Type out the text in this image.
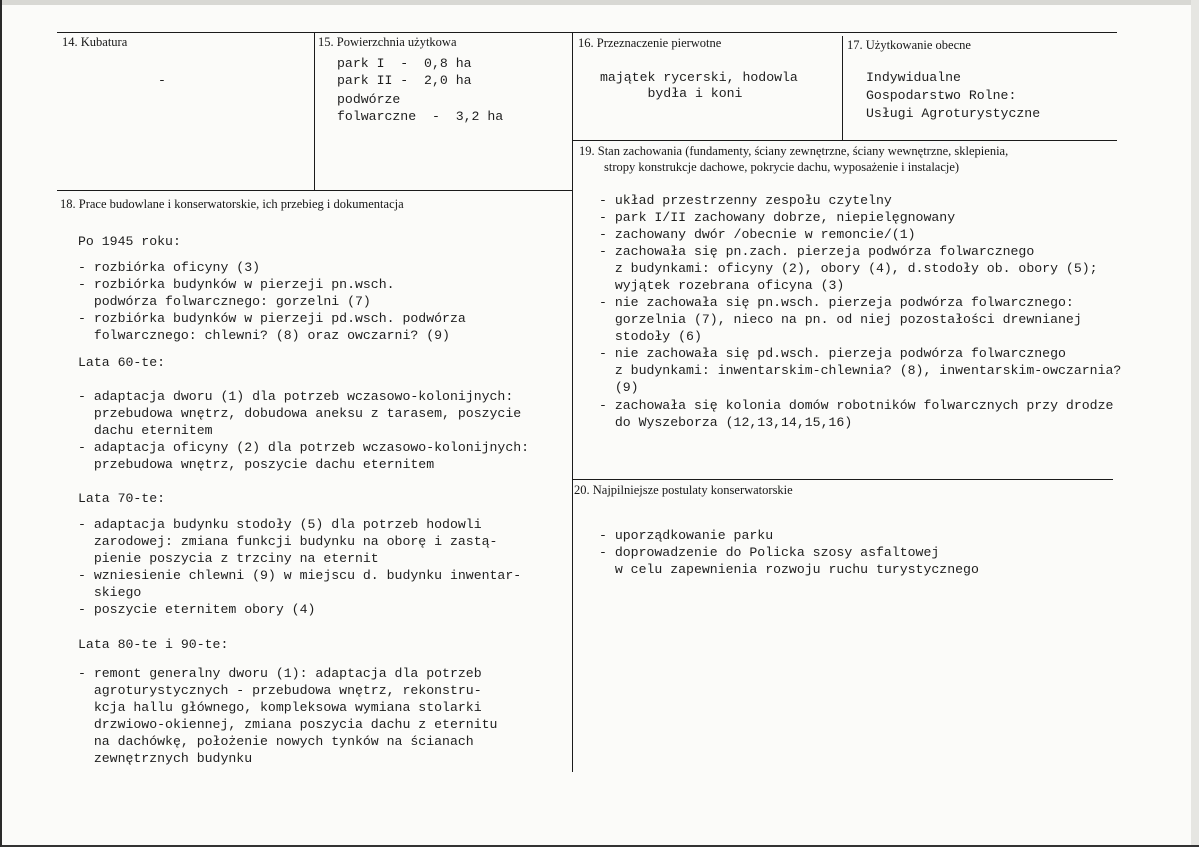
14. Kubatura
-
15. Powierzchnia użytkowa
park I  -  0,8 ha
park II -  2,0 ha
podwórze
folwarczne  -  3,2 ha
16. Przeznaczenie pierwotne
majątek rycerski, hodowla
bydła i koni
17. Użytkowanie obecne
Indywidualne
Gospodarstwo Rolne:
Usługi Agroturystyczne
19. Stan zachowania (fundamenty, ściany zewnętrzne, ściany wewnętrzne, sklepienia,
stropy konstrukcje dachowe, pokrycie dachu, wyposażenie i instalacje)
- układ przestrzenny zespołu czytelny
- park I/II zachowany dobrze, niepielęgnowany
- zachowany dwór /obecnie w remoncie/(1)
- zachowała się pn.zach. pierzeja podwórza folwarcznego
z budynkami: oficyny (2), obory (4), d.stodoły ob. obory (5);
wyjątek rozebrana oficyna (3)
- nie zachowała się pn.wsch. pierzeja podwórza folwarcznego:
gorzelnia (7), nieco na pn. od niej pozostałości drewnianej
stodoły (6)
- nie zachowała się pd.wsch. pierzeja podwórza folwarcznego
z budynkami: inwentarskim-chlewnia? (8), inwentarskim-owczarnia?
(9)
- zachowała się kolonia domów robotników folwarcznych przy drodze
do Wyszeborza (12,13,14,15,16)
18. Prace budowlane i konserwatorskie, ich przebieg i dokumentacja
Po 1945 roku:
- rozbiórka oficyny (3)
- rozbiórka budynków w pierzeji pn.wsch.
podwórza folwarcznego: gorzelni (7)
- rozbiórka budynków w pierzeji pd.wsch. podwórza
folwarcznego: chlewni? (8) oraz owczarni? (9)
Lata 60-te:
- adaptacja dworu (1) dla potrzeb wczasowo-kolonijnych:
przebudowa wnętrz, dobudowa aneksu z tarasem, poszycie
dachu eternitem
- adaptacja oficyny (2) dla potrzeb wczasowo-kolonijnych:
przebudowa wnętrz, poszycie dachu eternitem
Lata 70-te:
- adaptacja budynku stodoły (5) dla potrzeb hodowli
zarodowej: zmiana funkcji budynku na oborę i zastą-
pienie poszycia z trzciny na eternit
- wzniesienie chlewni (9) w miejscu d. budynku inwentar-
skiego
- poszycie eternitem obory (4)
Lata 80-te i 90-te:
- remont generalny dworu (1): adaptacja dla potrzeb
agroturystycznych - przebudowa wnętrz, rekonstru-
kcja hallu głównego, kompleksowa wymiana stolarki
drzwiowo-okiennej, zmiana poszycia dachu z eternitu
na dachówkę, położenie nowych tynków na ścianach
zewnętrznych budynku
20. Najpilniejsze postulaty konserwatorskie
- uporządkowanie parku
- doprowadzenie do Policka szosy asfaltowej
w celu zapewnienia rozwoju ruchu turystycznego
